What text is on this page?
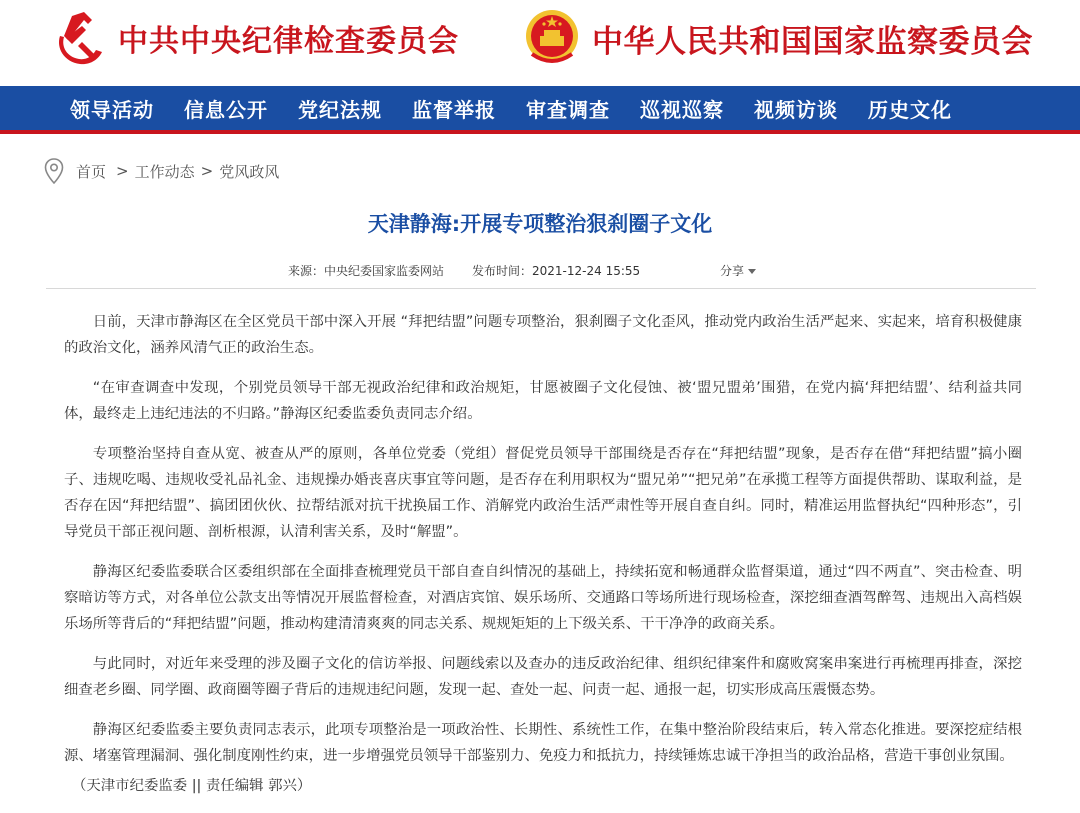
中共中央纪律检查委员会	中华人民共和国国家监察委员会
领导活动 信息公开 党纪法规 监督举报 审查调查 巡视巡察 视频访谈 历史文化
首页 > 工作动态 > 党风政风
天津静海:开展专项整治狠刹圈子文化
来源：中央纪委国家监委网站 发布时间：2021-12-24 15:55	分享

日前，天津市静海区在全区党员干部中深入开展 “拜把结盟”问题专项整治，狠刹圈子文化歪风，推动党内政治生活严起来、实起来，培育积极健康的政治文化，涵养风清气正的政治生态。

“在审查调查中发现，个别党员领导干部无视政治纪律和政治规矩，甘愿被圈子文化侵蚀、被‘盟兄盟弟’围猎，在党内搞‘拜把结盟’、结利益共同体，最终走上违纪违法的不归路。”静海区纪委监委负责同志介绍。

专项整治坚持自查从宽、被查从严的原则，各单位党委（党组）督促党员领导干部围绕是否存在“拜把结盟”现象，是否存在借“拜把结盟”搞小圈子、违规吃喝、违规收受礼品礼金、违规操办婚丧喜庆事宜等问题，是否存在利用职权为“盟兄弟”“把兄弟”在承揽工程等方面提供帮助、谋取利益，是否存在因“拜把结盟”、搞团团伙伙、拉帮结派对抗干扰换届工作、消解党内政治生活严肃性等开展自查自纠。同时，精准运用监督执纪“四种形态”，引导党员干部正视问题、剖析根源，认清利害关系，及时“解盟”。

静海区纪委监委联合区委组织部在全面排查梳理党员干部自查自纠情况的基础上，持续拓宽和畅通群众监督渠道，通过“四不两直”、突击检查、明察暗访等方式，对各单位公款支出等情况开展监督检查，对酒店宾馆、娱乐场所、交通路口等场所进行现场检查，深挖细查酒驾醉驾、违规出入高档娱乐场所等背后的“拜把结盟”问题，推动构建清清爽爽的同志关系、规规矩矩的上下级关系、干干净净的政商关系。

与此同时，对近年来受理的涉及圈子文化的信访举报、问题线索以及查办的违反政治纪律、组织纪律案件和腐败窝案串案进行再梳理再排查，深挖细查老乡圈、同学圈、政商圈等圈子背后的违规违纪问题，发现一起、查处一起、问责一起、通报一起，切实形成高压震慑态势。

静海区纪委监委主要负责同志表示，此项专项整治是一项政治性、长期性、系统性工作，在集中整治阶段结束后，转入常态化推进。要深挖症结根源、堵塞管理漏洞、强化制度刚性约束，进一步增强党员领导干部鉴别力、免疫力和抵抗力，持续锤炼忠诚干净担当的政治品格，营造干事创业氛围。

（天津市纪委监委 || 责任编辑 郭兴）
